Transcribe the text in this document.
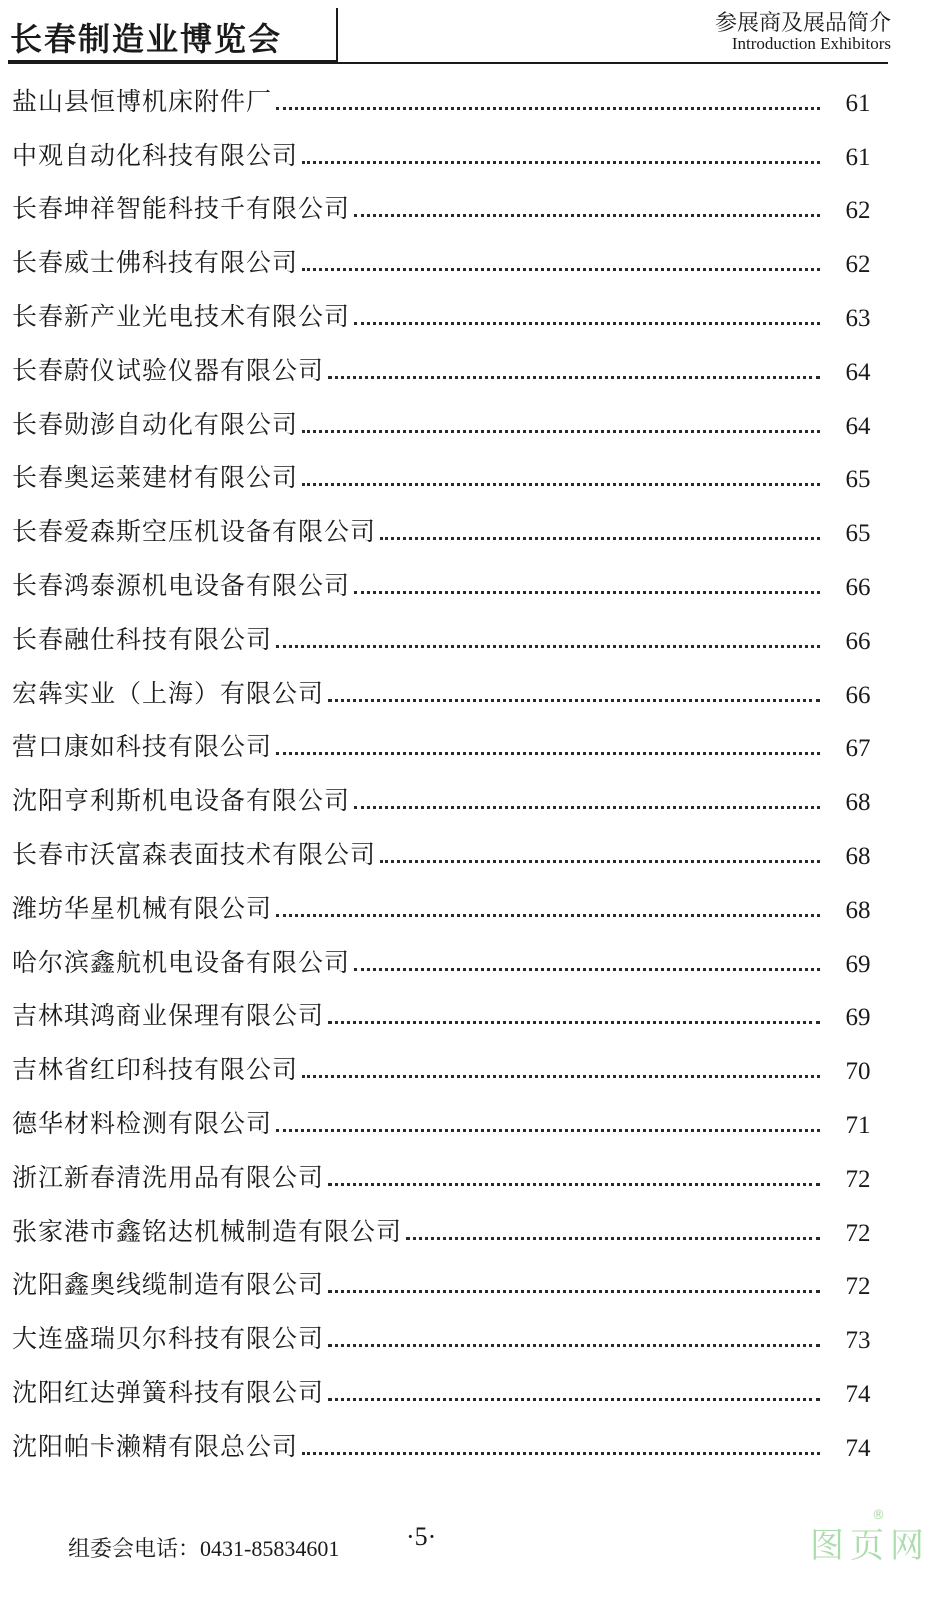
长春制造业博览会	参展商及展品简介
Introduction Exhibitors
盐山县恒博机床附件厂	61
中观自动化科技有限公司	61
长春坤祥智能科技千有限公司	62
长春威士佛科技有限公司	62
长春新产业光电技术有限公司	63
长春蔚仪试验仪器有限公司	64
长春勋澎自动化有限公司	64
长春奥运莱建材有限公司	65
长春爱森斯空压机设备有限公司	65
长春鸿泰源机电设备有限公司	66
长春融仕科技有限公司	66
宏犇实业（上海）有限公司	66
营口康如科技有限公司	67
沈阳亨利斯机电设备有限公司	68
长春市沃富森表面技术有限公司	68
潍坊华星机械有限公司	68
哈尔滨鑫航机电设备有限公司	69
吉林琪鸿商业保理有限公司	69
吉林省红印科技有限公司	70
德华材料检测有限公司	71
浙江新春清洗用品有限公司	72
张家港市鑫铭达机械制造有限公司	72
沈阳鑫奥线缆制造有限公司	72
大连盛瑞贝尔科技有限公司	73
沈阳红达弹簧科技有限公司	74
沈阳帕卡濑精有限总公司	74
组委会电话：0431-85834601	·5·	图页网
®
